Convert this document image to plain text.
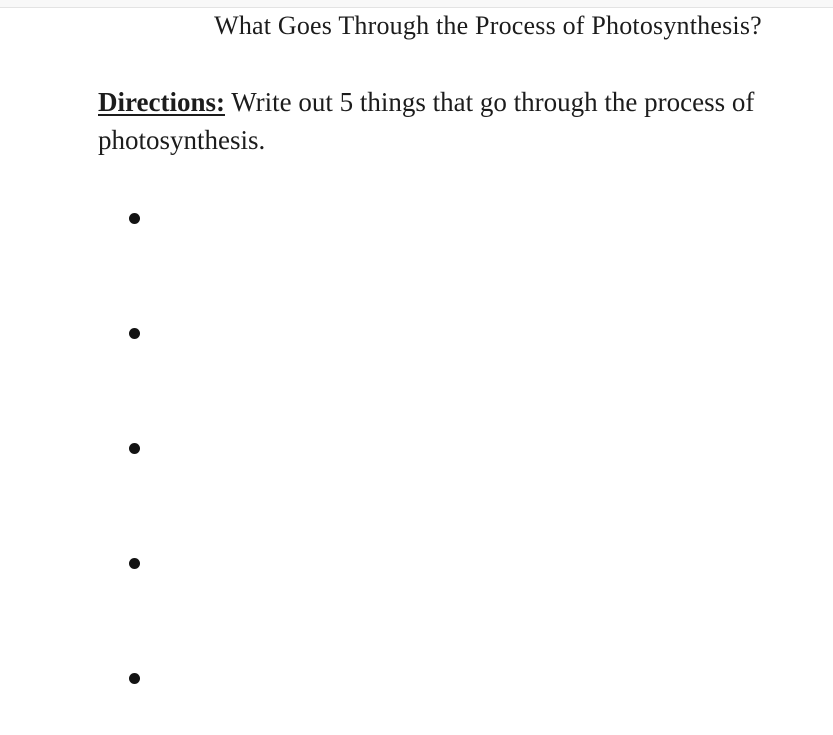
What Goes Through the Process of Photosynthesis?

Directions: Write out 5 things that go through the process of photosynthesis.
